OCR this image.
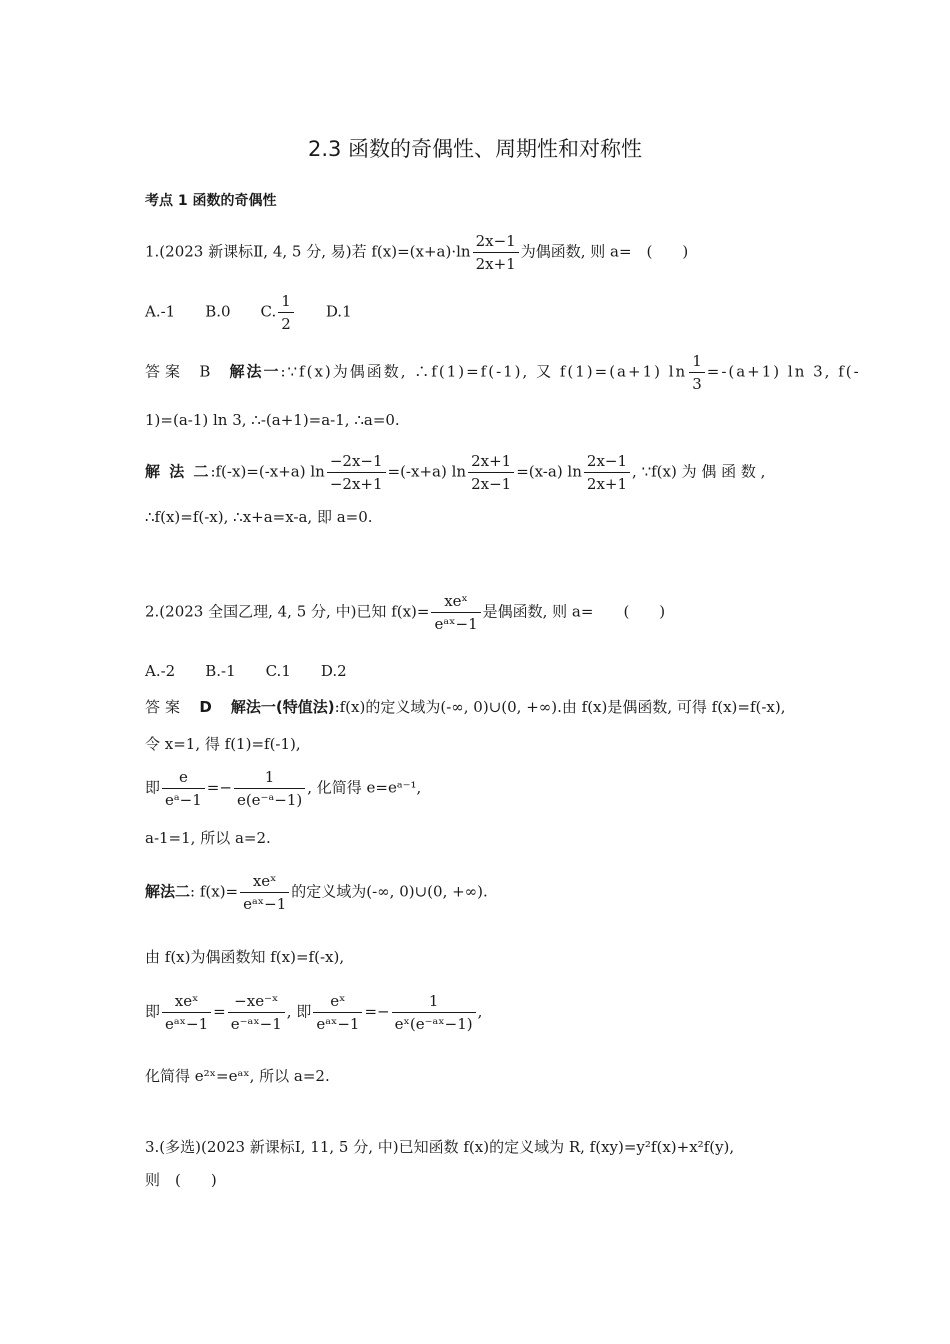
2.3 函数的奇偶性、周期性和对称性
考点 1 函数的奇偶性
1.(2023 新课标Ⅱ, 4, 5 分, 易)若 $f(x)=(x+a)\cdot\ln \frac{2x-1}{2x+1}$ 为偶函数, 则 a=　(　　)
A.-1　　B.0　　C. $\frac{1}{2}$ 　　D.1
答案 B 解法一:∵f(x)为偶函数, ∴f(1)=f(-1), 又 f(1)=(a+1) $\ln \frac{1}{3} =-(a+1)$ ln 3, f(-
1)=(a-1) ln 3, ∴-(a+1)=a-1, ∴a=0.
解 法 二:f(-x)=(-x+a) $\ln \frac{-2x-1}{-2x+1} =(-x+a)$ $\ln \frac{2x+1}{2x-1} =(x-a)$ $\ln \frac{2x-1}{2x+1}$ , ∵f(x) 为 偶 函 数 ,
∴f(x)=f(-x), ∴x+a=x-a, 即 a=0.
2.(2023 全国乙理, 4, 5 分, 中)已知 $f(x)= \frac{\text{xeˣ}}{\text{eᵃˣ−1}}$ 是偶函数, 则 a=　　(　　)
A.-2　　B.-1　　C.1　　D.2
答案 D 解法一(特值法):f(x)的定义域为(-∞, 0)∪(0, +∞).由 f(x)是偶函数, 可得 f(x)=f(-x),
令 x=1, 得 f(1)=f(-1),
即 $\frac{e}{\text{eᵃ−1}} =- \frac{1}{\text{e(e⁻ᵃ−1)}}$ , 化简得 e=eᵃ⁻¹,
a-1=1, 所以 a=2.
解法二: $f(x)= \frac{\text{xeˣ}}{\text{eᵃˣ−1}}$ 的定义域为(-∞, 0)∪(0, +∞).
由 f(x)为偶函数知 f(x)=f(-x),
即 $\frac{\text{xeˣ}}{\text{eᵃˣ−1}} = \frac{\text{−xe⁻ˣ}}{\text{e⁻ᵃˣ−1}}$ , 即 $\frac{\text{eˣ}}{\text{eᵃˣ−1}} =- \frac{1}{\text{eˣ(e⁻ᵃˣ−1)}}$ ,
化简得 e²ˣ=eᵃˣ, 所以 a=2.
3.(多选)(2023 新课标Ⅰ, 11, 5 分, 中)已知函数 f(x)的定义域为 R, f(xy)=y²f(x)+x²f(y),
则　(　　)
